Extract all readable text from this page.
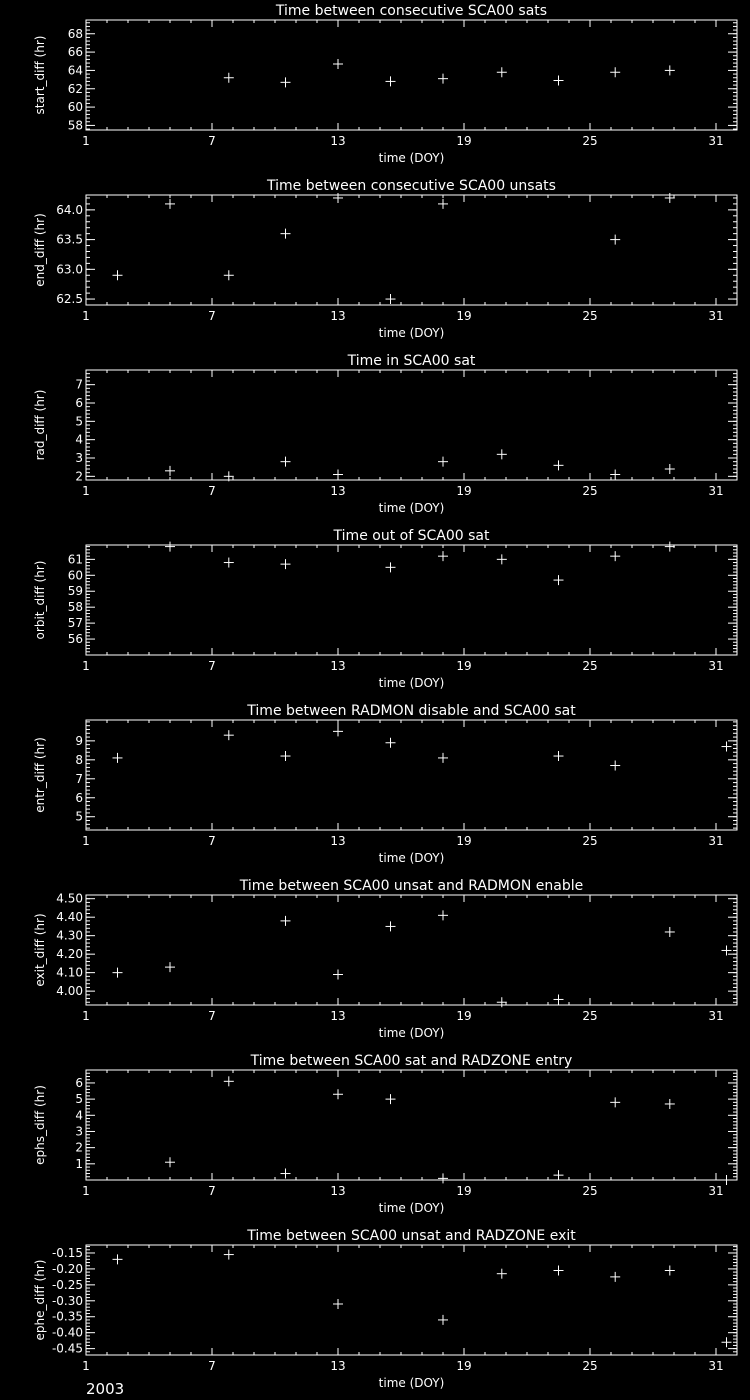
Time between consecutive SCA00 sats
1	7	13	19	25	31
58
60
62
64
66
68
time (DOY)
start_diff (hr)
Time between consecutive SCA00 unsats
1	7	13	19	25	31
62.5
63.0
63.5
64.0
time (DOY)
end_diff (hr)
Time in SCA00 sat
1	7	13	19	25	31
2
3
4
5
6
7
time (DOY)
rad_diff (hr)
Time out of SCA00 sat
1	7	13	19	25	31
56
57
58
59
60
61
time (DOY)
orbit_diff (hr)
Time between RADMON disable and SCA00 sat
1	7	13	19	25	31
5
6
7
8
9
time (DOY)
entr_diff (hr)
Time between SCA00 unsat and RADMON enable
1	7	13	19	25	31
4.00
4.10
4.20
4.30
4.40
4.50
time (DOY)
exit_diff (hr)
Time between SCA00 sat and RADZONE entry
1	7	13	19	25	31
1
2
3
4
5
6
time (DOY)
ephs_diff (hr)
Time between SCA00 unsat and RADZONE exit
1	7	13	19	25	31
-0.45
-0.40
-0.35
-0.30
-0.25
-0.20
-0.15
time (DOY)
ephe_diff (hr)
2003
